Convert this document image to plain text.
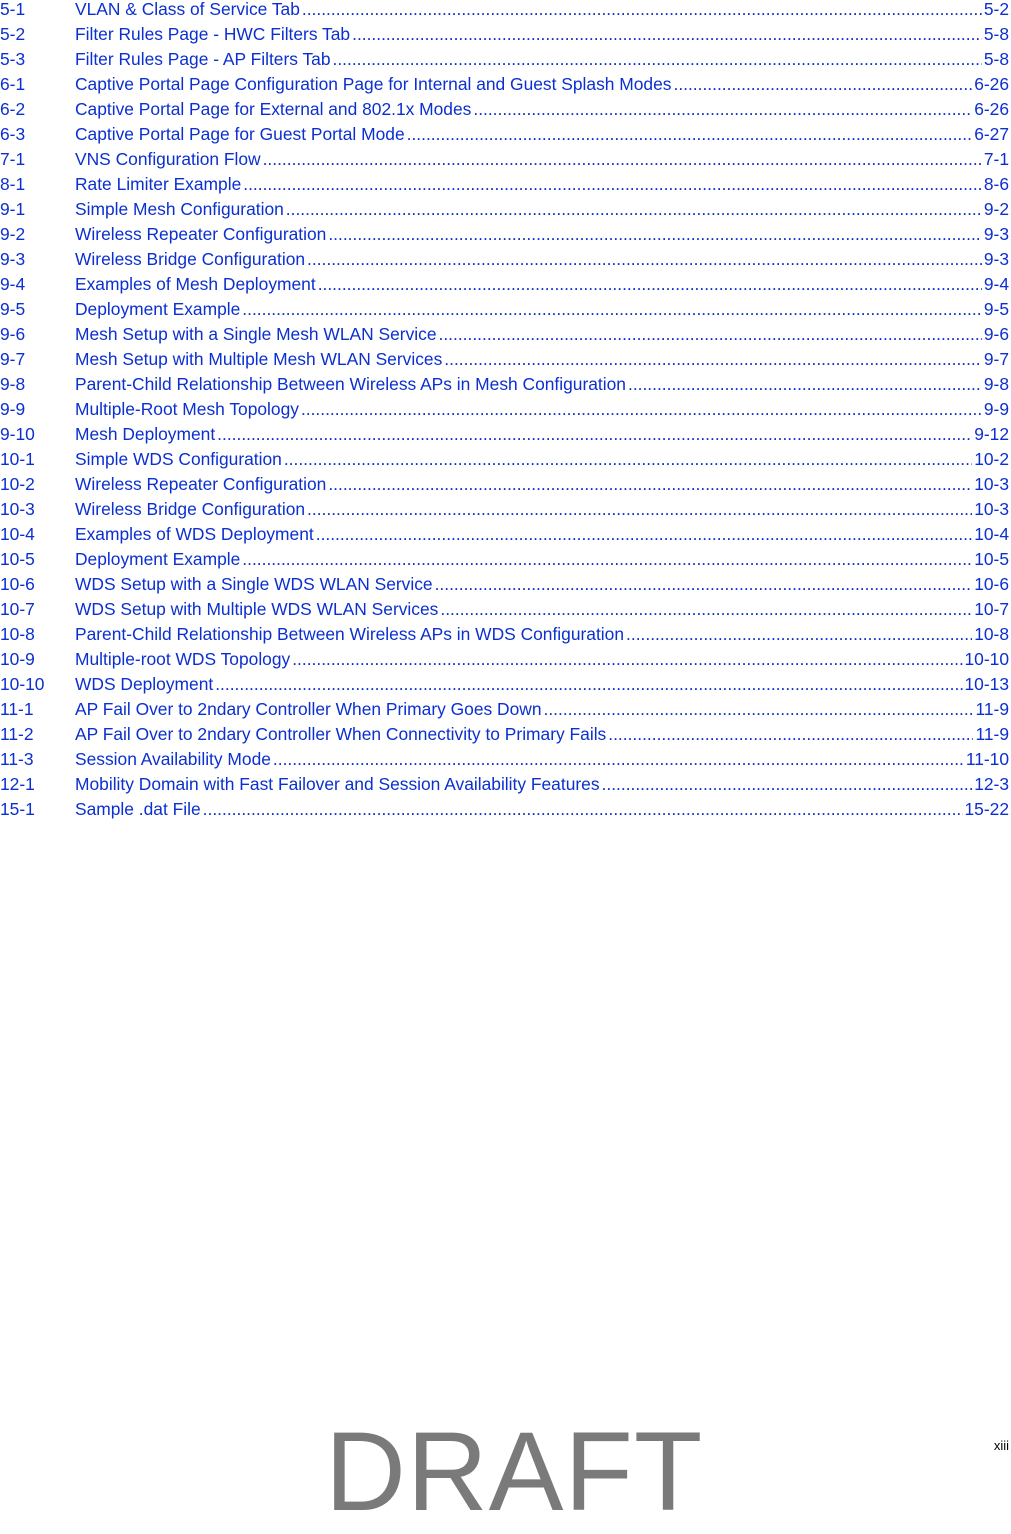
5-1	VLAN & Class of Service Tab .....	5-2
5-2	Filter Rules Page - HWC Filters Tab .....	5-8
5-3	Filter Rules Page - AP Filters Tab .....	5-8
6-1	Captive Portal Page Configuration Page for Internal and Guest Splash Modes .....	6-26
6-2	Captive Portal Page for External and 802.1x Modes .....	6-26
6-3	Captive Portal Page for Guest Portal Mode .....	6-27
7-1	VNS Configuration Flow .....	7-1
8-1	Rate Limiter Example .....	8-6
9-1	Simple Mesh Configuration .....	9-2
9-2	Wireless Repeater Configuration .....	9-3
9-3	Wireless Bridge Configuration .....	9-3
9-4	Examples of Mesh Deployment .....	9-4
9-5	Deployment Example .....	9-5
9-6	Mesh Setup with a Single Mesh WLAN Service .....	9-6
9-7	Mesh Setup with Multiple Mesh WLAN Services .....	9-7
9-8	Parent-Child Relationship Between Wireless APs in Mesh Configuration .....	9-8
9-9	Multiple-Root Mesh Topology .....	9-9
9-10 Mesh Deployment .....	9-12
10-1 Simple WDS Configuration .....	10-2
10-2 Wireless Repeater Configuration .....	10-3
10-3 Wireless Bridge Configuration .....	10-3
10-4 Examples of WDS Deployment .....	10-4
10-5 Deployment Example .....	10-5
10-6 WDS Setup with a Single WDS WLAN Service .....	10-6
10-7 WDS Setup with Multiple WDS WLAN Services .....	10-7
10-8 Parent-Child Relationship Between Wireless APs in WDS Configuration .....	10-8
10-9 Multiple-root WDS Topology .....	10-10
10-10 WDS Deployment .....	10-13
11-1 AP Fail Over to 2ndary Controller When Primary Goes Down .....	11-9
11-2 AP Fail Over to 2ndary Controller When Connectivity to Primary Fails .....	11-9
11-3 Session Availability Mode .....	11-10
12-1 Mobility Domain with Fast Failover and Session Availability Features .....	12-3
15-1 Sample .dat File .....	15-22
xiii
DRAFT
